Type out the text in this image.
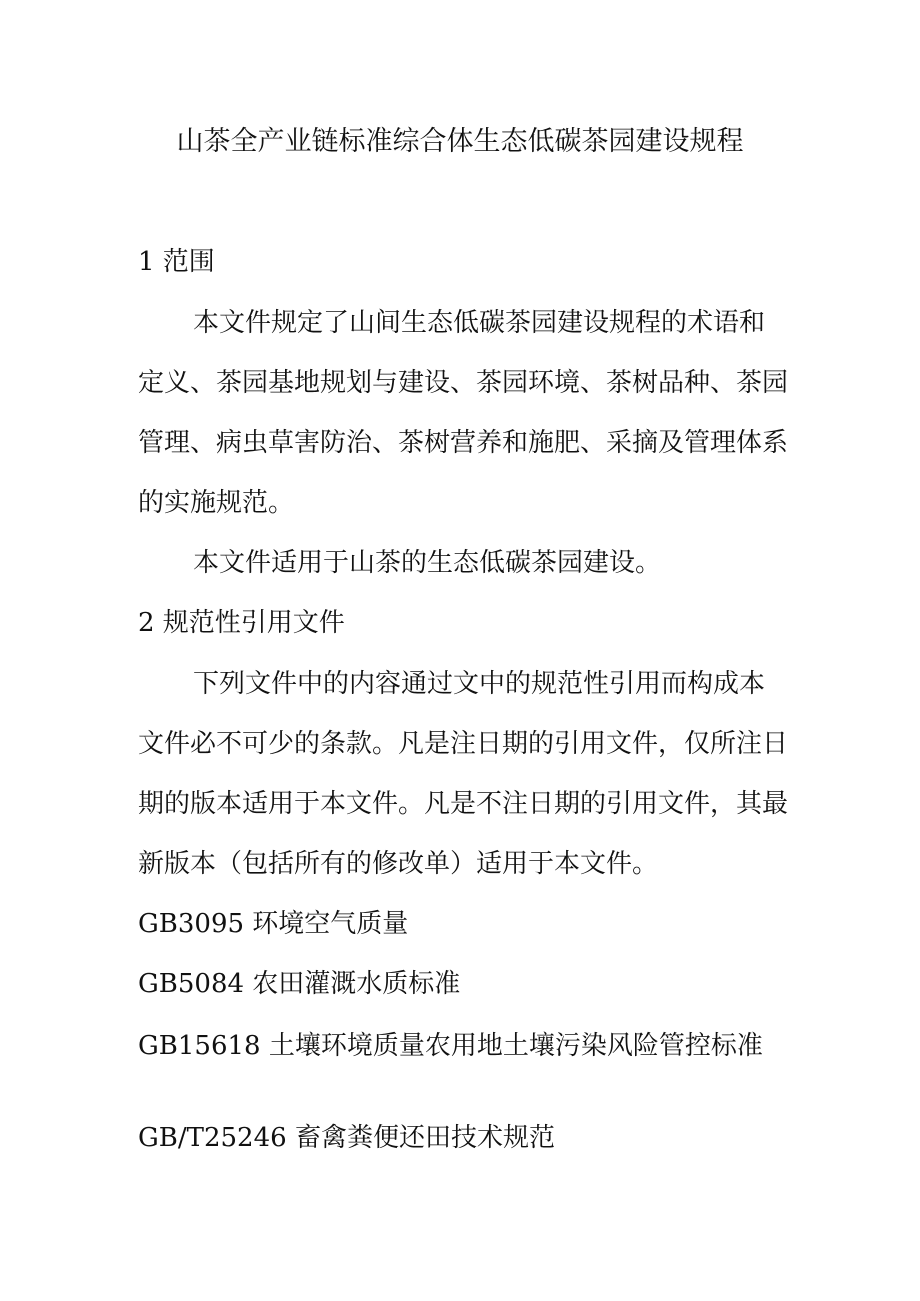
山茶全产业链标准综合体生态低碳茶园建设规程
1 范围
本文件规定了山间生态低碳茶园建设规程的术语和
定义、茶园基地规划与建设、茶园环境、茶树品种、茶园
管理、病虫草害防治、茶树营养和施肥、采摘及管理体系
的实施规范。
本文件适用于山茶的生态低碳茶园建设。
2 规范性引用文件
下列文件中的内容通过文中的规范性引用而构成本
文件必不可少的条款。凡是注日期的引用文件，仅所注日
期的版本适用于本文件。凡是不注日期的引用文件，其最
新版本（包括所有的修改单）适用于本文件。
GB3095 环境空气质量
GB5084 农田灌溉水质标准
GB15618 土壤环境质量农用地土壤污染风险管控标准
GB/T25246 畜禽粪便还田技术规范
